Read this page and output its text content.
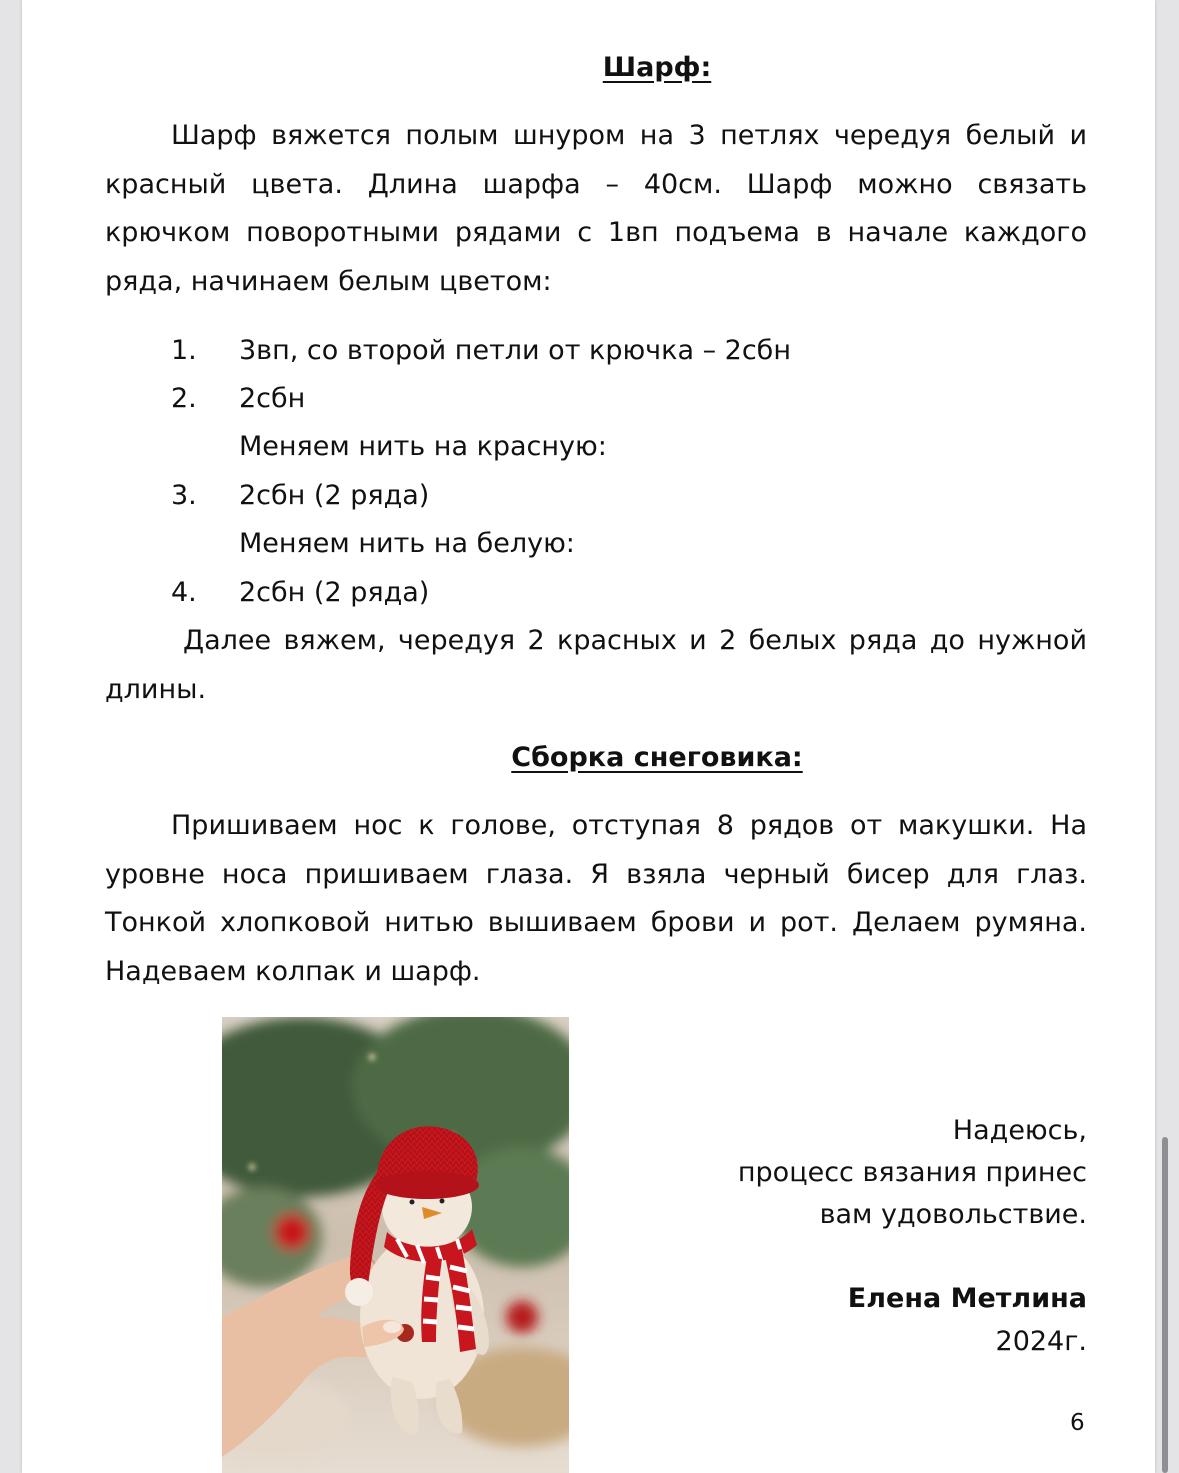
Шарф:

Шарф вяжется полым шнуром на 3 петлях чередуя белый и красный цвета. Длина шарфа – 40см. Шарф можно связать крючком поворотными рядами с 1вп подъема в начале каждого ряда, начинаем белым цветом:

1. 3вп, со второй петли от крючка – 2сбн
2. 2сбн
Меняем нить на красную:
3. 2сбн (2 ряда)
Меняем нить на белую:
4. 2сбн (2 ряда)

Далее вяжем, чередуя 2 красных и 2 белых ряда до нужной длины.

Сборка снеговика:

Пришиваем нос к голове, отступая 8 рядов от макушки. На уровне носа пришиваем глаза. Я взяла черный бисер для глаз. Тонкой хлопковой нитью вышиваем брови и рот. Делаем румяна. Надеваем колпак и шарф.

Надеюсь,
процесс вязания принес
вам удовольствие.
Елена Метлина
2024г.
6
